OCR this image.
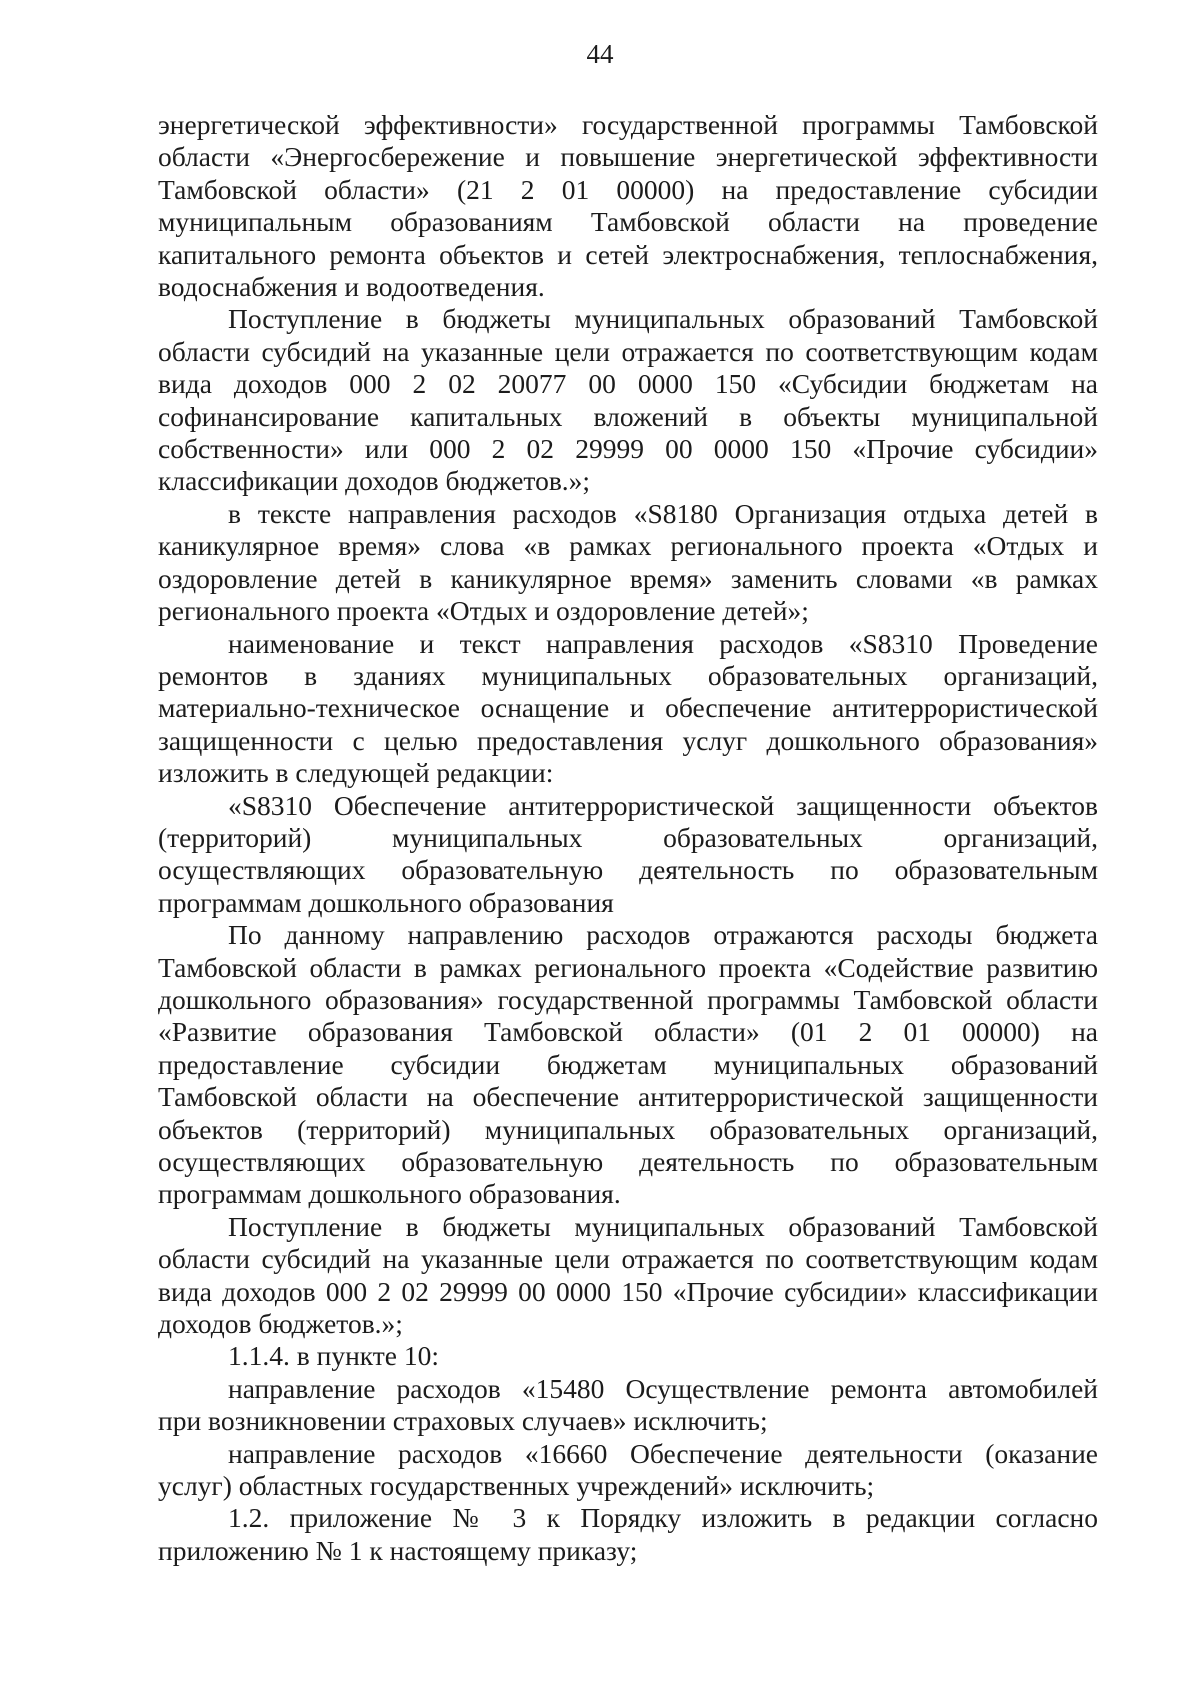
44
энергетической эффективности» государственной программы Тамбовской
области «Энергосбережение и повышение энергетической эффективности
Тамбовской области» (21 2 01 00000) на предоставление субсидии
муниципальным образованиям Тамбовской области на проведение
капитального ремонта объектов и сетей электроснабжения, теплоснабжения,
водоснабжения и водоотведения.
Поступление в бюджеты муниципальных образований Тамбовской
области субсидий на указанные цели отражается по соответствующим кодам
вида доходов 000 2 02 20077 00 0000 150 «Субсидии бюджетам на
софинансирование капитальных вложений в объекты муниципальной
собственности» или 000 2 02 29999 00 0000 150 «Прочие субсидии»
классификации доходов бюджетов.»;
в тексте направления расходов «S8180 Организация отдыха детей в
каникулярное время» слова «в рамках регионального проекта «Отдых и
оздоровление детей в каникулярное время» заменить словами «в рамках
регионального проекта «Отдых и оздоровление детей»;
наименование и текст направления расходов «S8310 Проведение
ремонтов в зданиях муниципальных образовательных организаций,
материально-техническое оснащение и обеспечение антитеррористической
защищенности с целью предоставления услуг дошкольного образования»
изложить в следующей редакции:
«S8310 Обеспечение антитеррористической защищенности объектов
(территорий) муниципальных образовательных организаций,
осуществляющих образовательную деятельность по образовательным
программам дошкольного образования
По данному направлению расходов отражаются расходы бюджета
Тамбовской области в рамках регионального проекта «Содействие развитию
дошкольного образования» государственной программы Тамбовской области
«Развитие образования Тамбовской области» (01 2 01 00000) на
предоставление субсидии бюджетам муниципальных образований
Тамбовской области на обеспечение антитеррористической защищенности
объектов (территорий) муниципальных образовательных организаций,
осуществляющих образовательную деятельность по образовательным
программам дошкольного образования.
Поступление в бюджеты муниципальных образований Тамбовской
области субсидий на указанные цели отражается по соответствующим кодам
вида доходов 000 2 02 29999 00 0000 150 «Прочие субсидии» классификации
доходов бюджетов.»;
1.1.4. в пункте 10:
направление расходов «15480 Осуществление ремонта автомобилей
при возникновении страховых случаев» исключить;
направление расходов «16660 Обеспечение деятельности (оказание
услуг) областных государственных учреждений» исключить;
1.2. приложение № 3 к Порядку изложить в редакции согласно
приложению № 1 к настоящему приказу;
